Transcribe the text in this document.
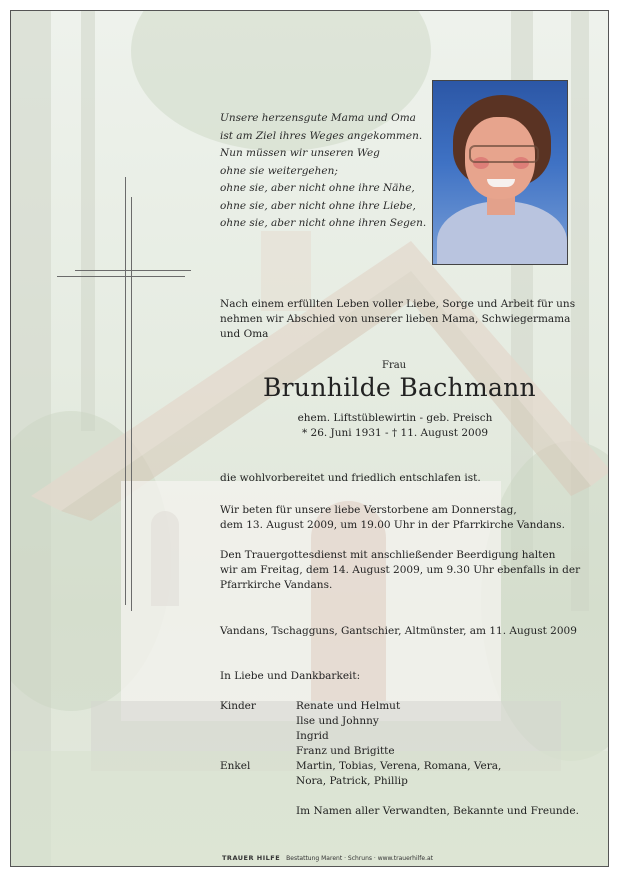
Unsere herzensgute Mama und Oma
ist am Ziel ihres Weges angekommen.
Nun müssen wir unseren Weg
ohne sie weitergehen;
ohne sie, aber nicht ohne ihre Nähe,
ohne sie, aber nicht ohne ihre Liebe,
ohne sie, aber nicht ohne ihren Segen.
Nach einem erfüllten Leben voller Liebe, Sorge und Arbeit für uns
nehmen wir Abschied von unserer lieben Mama, Schwiegermama
und Oma
Frau
Brunhilde Bachmann
ehem. Liftstüblewirtin - geb. Preisch
* 26. Juni 1931 - † 11. August 2009
die wohlvorbereitet und friedlich entschlafen ist.
Wir beten für unsere liebe Verstorbene am Donnerstag,
dem 13. August 2009, um 19.00 Uhr in der Pfarrkirche Vandans.
Den Trauergottesdienst mit anschließender Beerdigung halten
wir am Freitag, dem 14. August 2009, um 9.30 Uhr ebenfalls in der
Pfarrkirche Vandans.
Vandans, Tschagguns, Gantschier, Altmünster, am 11. August 2009
In Liebe und Dankbarkeit:
Kinder	Renate und Helmut
Ilse und Johnny
Ingrid
Franz und Brigitte
Enkel	Martin, Tobias, Verena, Romana, Vera,
Nora, Patrick, Phillip
Im Namen aller Verwandten, Bekannte und Freunde.
TRAUER HILFE Bestattung Marent · Schruns · www.trauerhilfe.at
